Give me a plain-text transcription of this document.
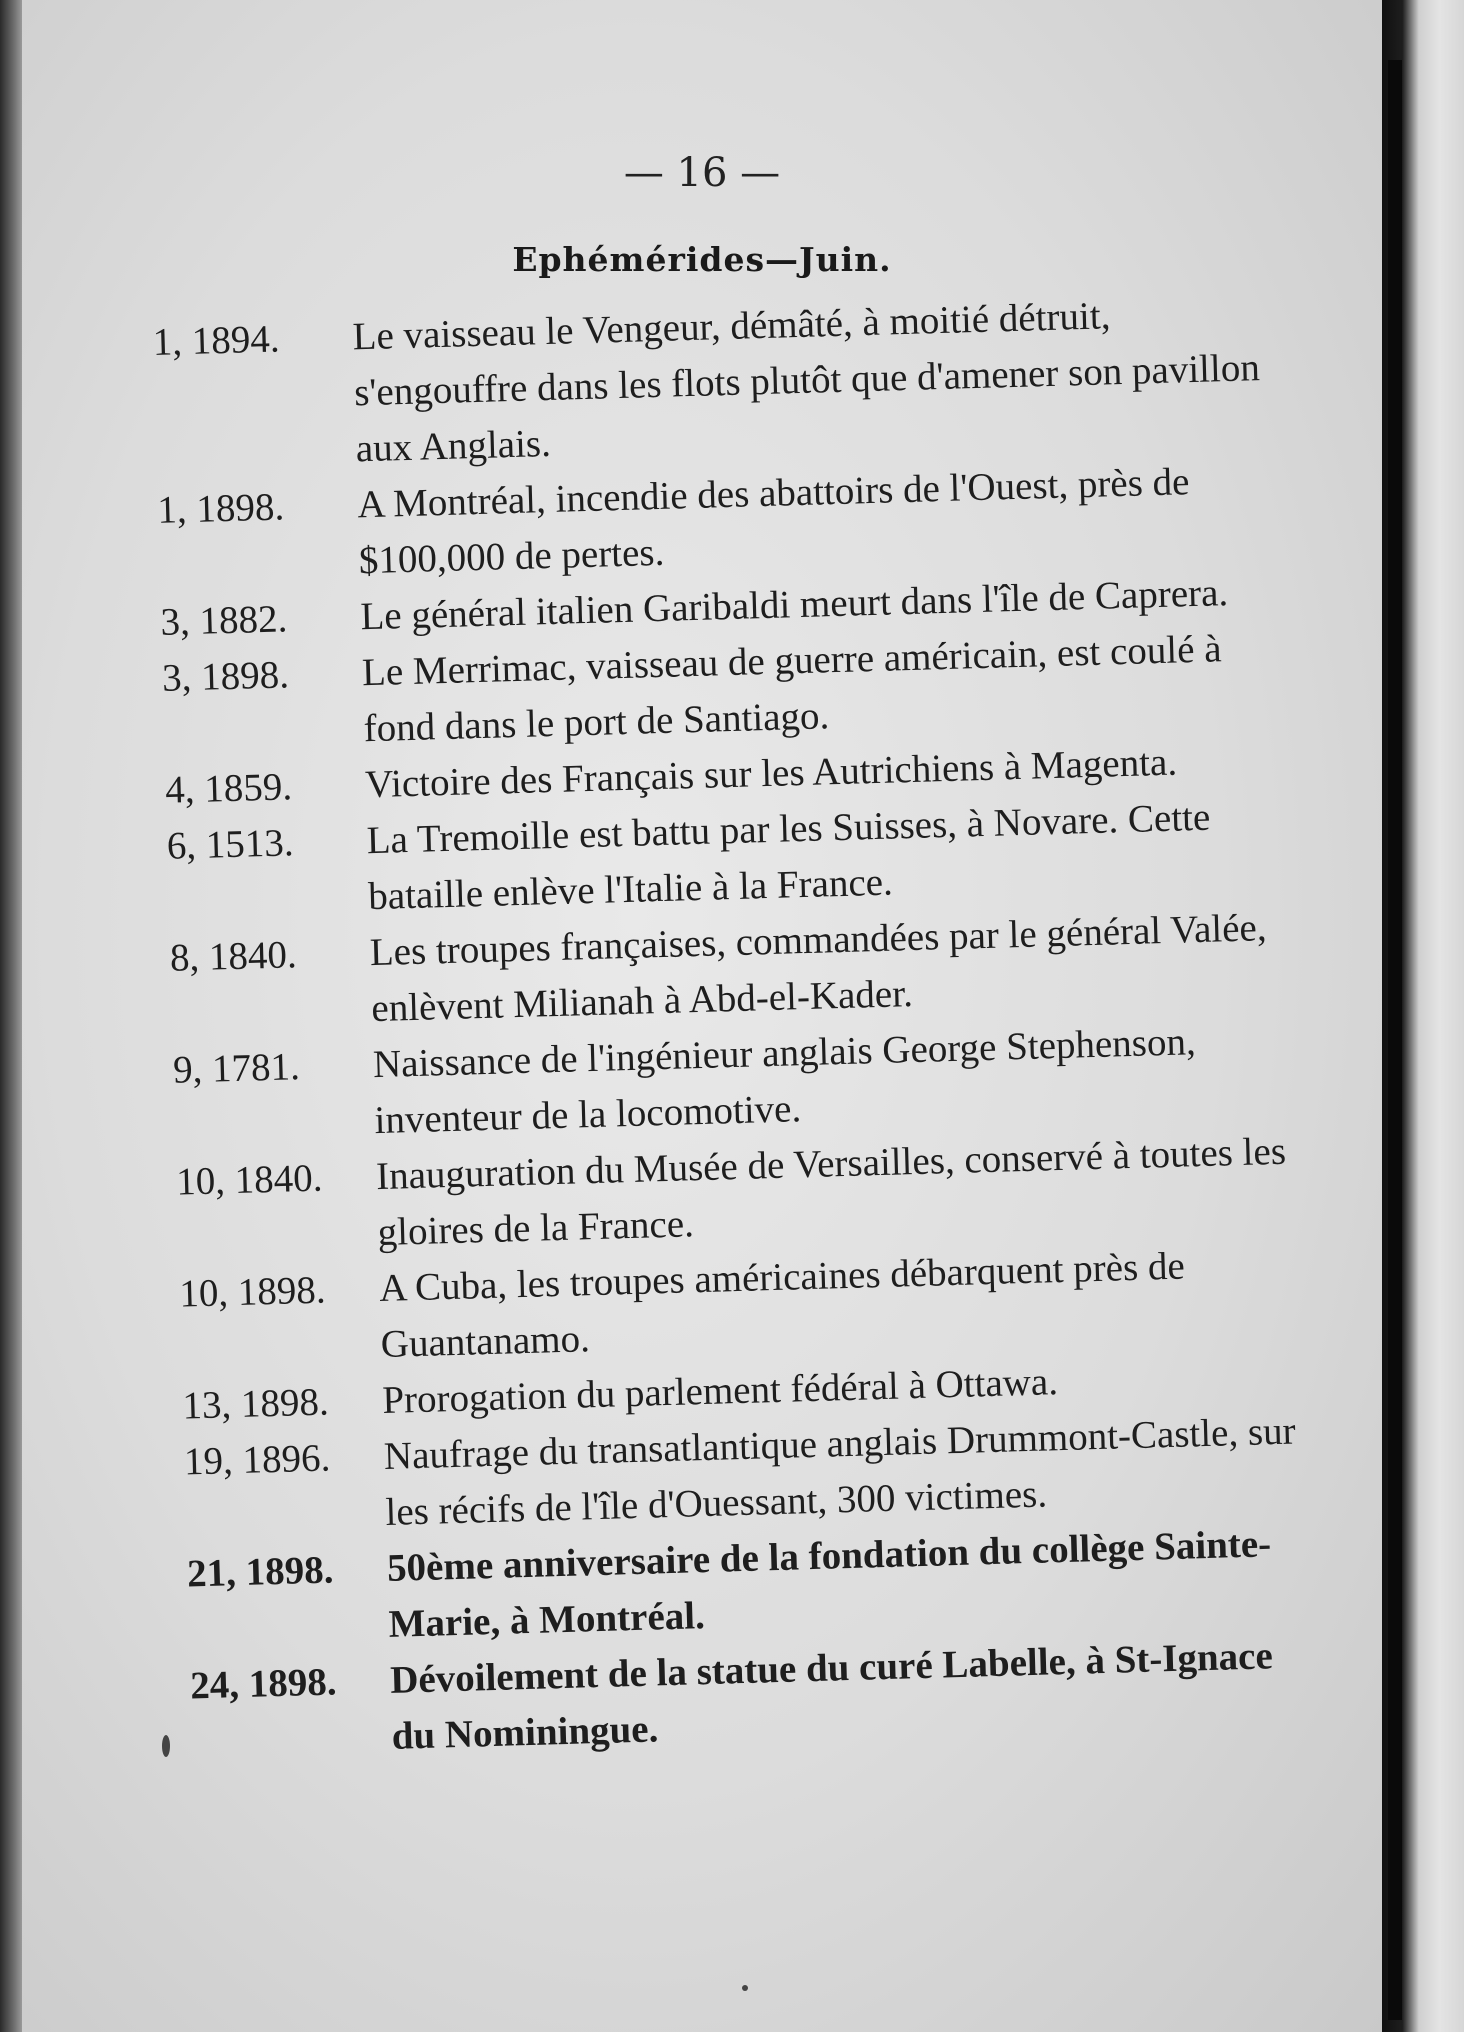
— 16 —
Ephémérides—Juin.
1, 1894.	Le vaisseau le Vengeur, démâté, à moitié détruit, s'engouffre dans les flots plutôt que d'amener son pavillon aux Anglais.
1, 1898.	A Montréal, incendie des abattoirs de l'Ouest, près de $100,000 de pertes.
3, 1882.	Le général italien Garibaldi meurt dans l'île de Caprera.
3, 1898.	Le Merrimac, vaisseau de guerre américain, est coulé à fond dans le port de Santiago.
4, 1859.	Victoire des Français sur les Autrichiens à Magenta.
6, 1513.	La Tremoille est battu par les Suisses, à Novare. Cette bataille enlève l'Italie à la France.
8, 1840.	Les troupes françaises, commandées par le général Valée, enlèvent Milianah à Abd-el-Kader.
9, 1781.	Naissance de l'ingénieur anglais George Stephenson, inventeur de la locomotive.
10, 1840.	Inauguration du Musée de Versailles, conservé à toutes les gloires de la France.
10, 1898.	A Cuba, les troupes américaines débarquent près de Guantanamo.
13, 1898.	Prorogation du parlement fédéral à Ottawa.
19, 1896.	Naufrage du transatlantique anglais Drummont-Castle, sur les récifs de l'île d'Ouessant, 300 victimes.
21, 1898.	50ème anniversaire de la fondation du collège Sainte-Marie, à Montréal.
24, 1898.	Dévoilement de la statue du curé Labelle, à St-Ignace du Nominingue.
